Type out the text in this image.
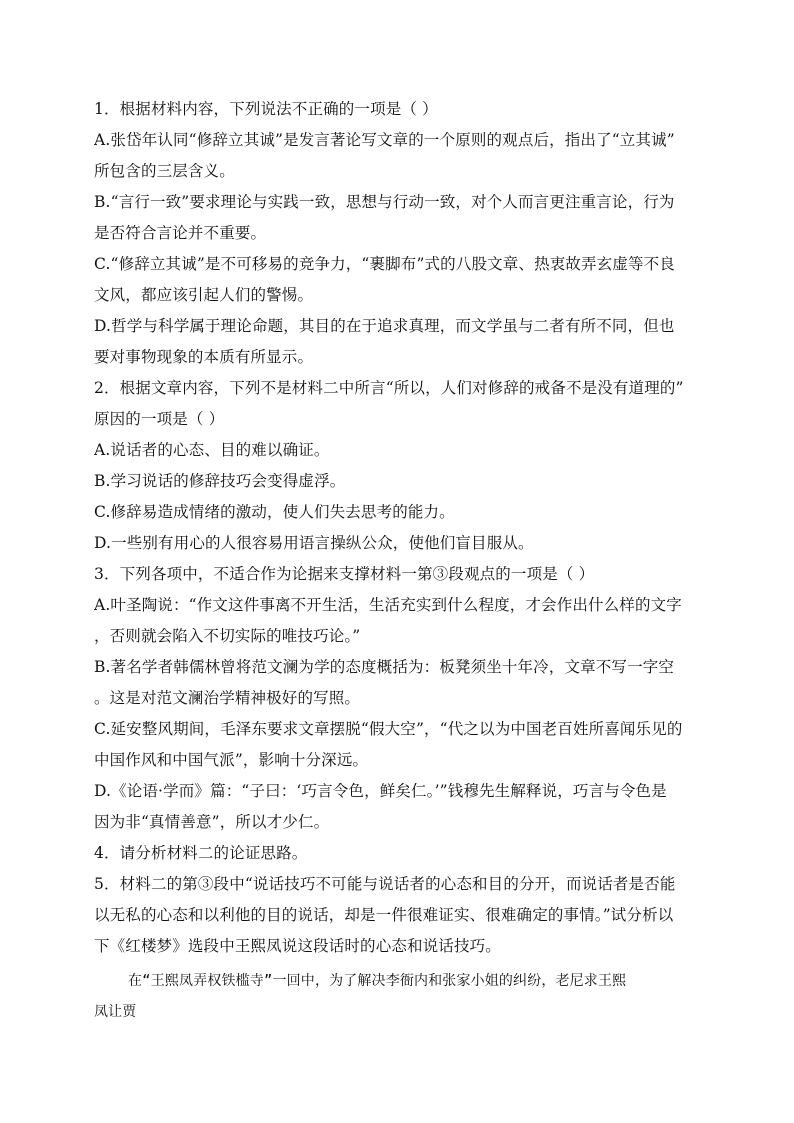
1．根据材料内容，下列说法不正确的一项是（ ）
A.张岱年认同“修辞立其诚”是发言著论写文章的一个原则的观点后，指出了“立其诚”
所包含的三层含义。
B.“言行一致”要求理论与实践一致，思想与行动一致，对个人而言更注重言论，行为
是否符合言论并不重要。
C.“修辞立其诚”是不可移易的竞争力，“裹脚布”式的八股文章、热衷故弄玄虚等不良
文风，都应该引起人们的警惕。
D.哲学与科学属于理论命题，其目的在于追求真理，而文学虽与二者有所不同，但也
要对事物现象的本质有所显示。
2．根据文章内容，下列不是材料二中所言“所以，人们对修辞的戒备不是没有道理的”
原因的一项是（ ）
A.说话者的心态、目的难以确证。
B.学习说话的修辞技巧会变得虚浮。
C.修辞易造成情绪的激动，使人们失去思考的能力。
D.一些别有用心的人很容易用语言操纵公众，使他们盲目服从。
3．下列各项中，不适合作为论据来支撑材料一第③段观点的一项是（ ）
A.叶圣陶说：“作文这件事离不开生活，生活充实到什么程度，才会作出什么样的文字
，否则就会陷入不切实际的唯技巧论。”
B.著名学者韩儒林曾将范文澜为学的态度概括为：板凳须坐十年冷，文章不写一字空
。这是对范文澜治学精神极好的写照。
C.延安整风期间，毛泽东要求文章摆脱“假大空”，“代之以为中国老百姓所喜闻乐见的
中国作风和中国气派”，影响十分深远。
D.《论语·学而》篇：“子曰：‘巧言令色，鲜矣仁。’”钱穆先生解释说，巧言与令色是
因为非“真情善意”，所以才少仁。
4．请分析材料二的论证思路。
5．材料二的第③段中“说话技巧不可能与说话者的心态和目的分开，而说话者是否能
以无私的心态和以利他的目的说话，却是一件很难证实、很难确定的事情。”试分析以
下《红楼梦》选段中王熙凤说这段话时的心态和说话技巧。
在“王熙凤弄权铁槛寺”一回中，为了解决李衙内和张家小姐的纠纷，老尼求王熙
凤让贾
